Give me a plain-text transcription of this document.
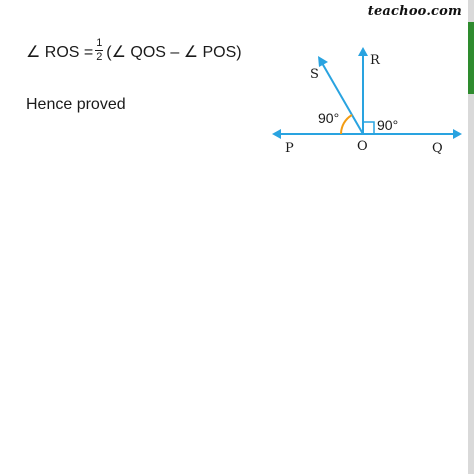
teachoo.com
∠ ROS = $\frac{1}{2}$ (∠ QOS – ∠ POS)
Hence proved
S
R
P	O	Q
90°	90°
